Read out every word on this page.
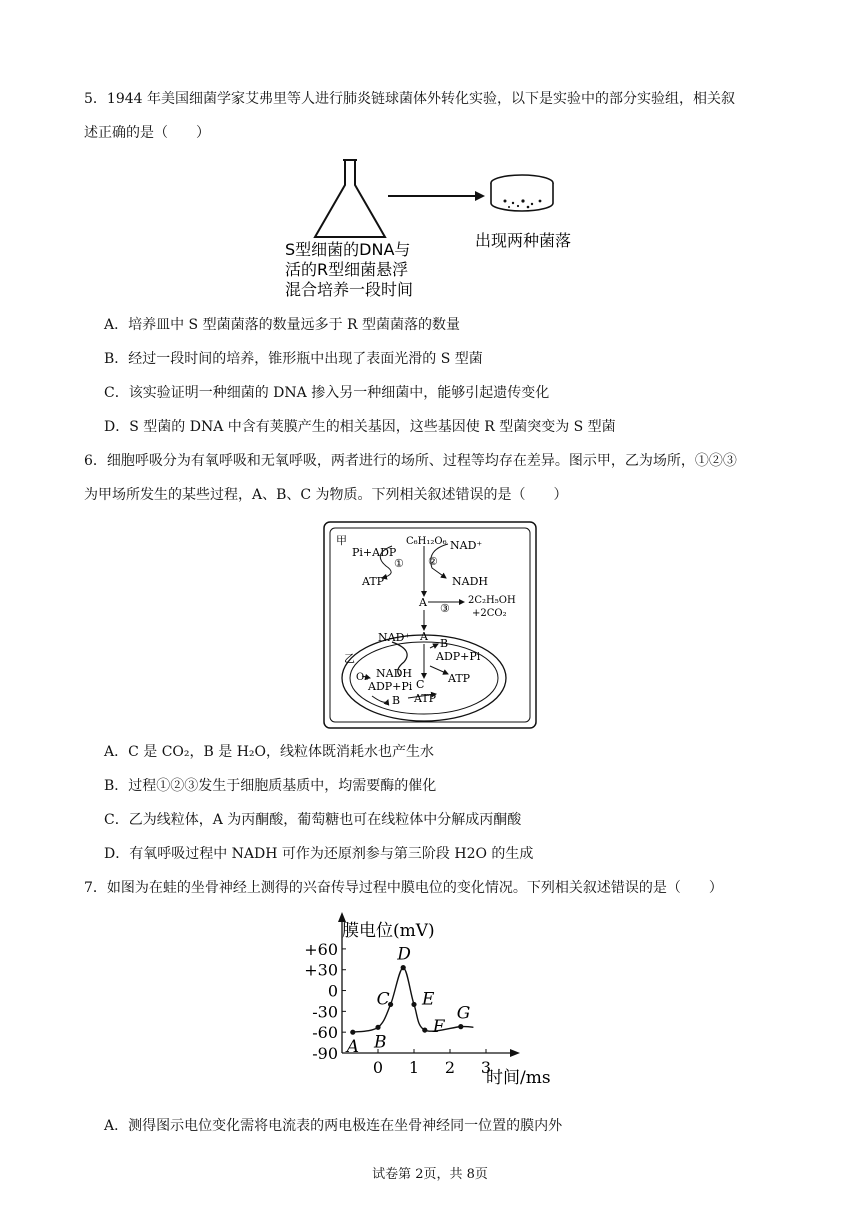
5．1944 年美国细菌学家艾弗里等人进行肺炎链球菌体外转化实验，以下是实验中的部分实验组，相关叙
述正确的是（　　）
S型细菌的DNA与
活的R型细菌悬浮
混合培养一段时间
出现两种菌落
A．培养皿中 S 型菌菌落的数量远多于 R 型菌菌落的数量
B．经过一段时间的培养，锥形瓶中出现了表面光滑的 S 型菌
C．该实验证明一种细菌的 DNA 掺入另一种细菌中，能够引起遗传变化
D．S 型菌的 DNA 中含有荚膜产生的相关基因，这些基因使 R 型菌突变为 S 型菌
6．细胞呼吸分为有氧呼吸和无氧呼吸，两者进行的场所、过程等均存在差异。图示甲，乙为场所，①②③
为甲场所发生的某些过程，A、B、C 为物质。下列相关叙述错误的是（　　）
甲	C₆H₁₂O₆ NAD⁺
Pi+ADP
① ②
ATP	NADH
A	2C₂H₅OH
③ +2CO₂
乙
NAD⁺ A
B
ADP+Pi
NADH
C ATP
O₂
ADP+Pi
B ATP
A．C 是 CO₂，B 是 H₂O，线粒体既消耗水也产生水
B．过程①②③发生于细胞质基质中，均需要酶的催化
C．乙为线粒体，A 为丙酮酸，葡萄糖也可在线粒体中分解成丙酮酸
D．有氧呼吸过程中 NADH 可作为还原剂参与第三阶段 H2O 的生成
7．如图为在蛙的坐骨神经上测得的兴奋传导过程中膜电位的变化情况。下列相关叙述错误的是（　　）
膜电位(mV)
时间/ms
+60
+30
0
-30
-60
-90
0 1 2 3
A B
C
D
E
F
G
A．测得图示电位变化需将电流表的两电极连在坐骨神经同一位置的膜内外
试卷第 2页，共 8页
